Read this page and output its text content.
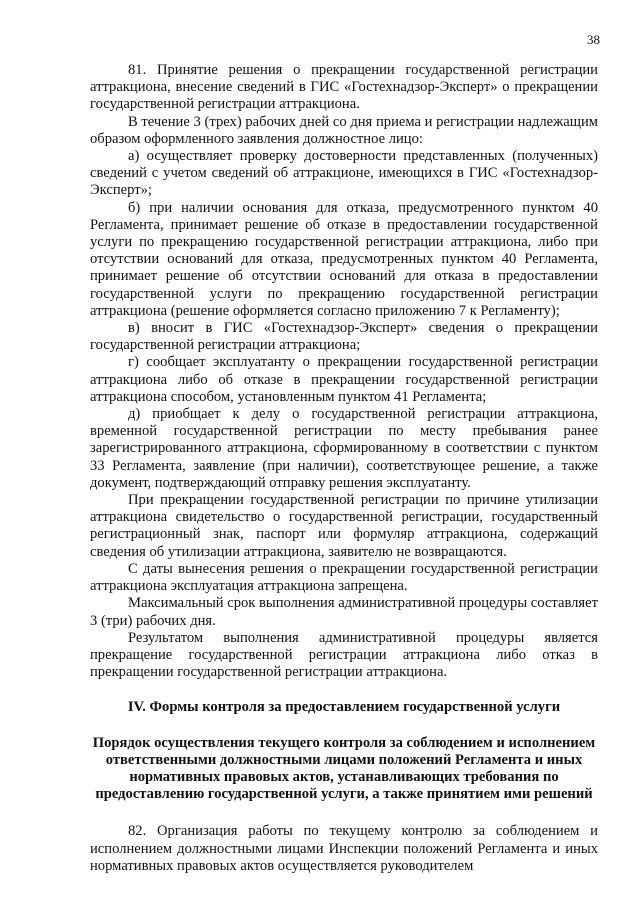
38

81. Принятие решения о прекращении государственной регистрации аттракциона, внесение сведений в ГИС «Гостехнадзор-Эксперт» о прекращении государственной регистрации аттракциона.

В течение 3 (трех) рабочих дней со дня приема и регистрации надлежащим образом оформленного заявления должностное лицо:

а) осуществляет проверку достоверности представленных (полученных) сведений с учетом сведений об аттракционе, имеющихся в ГИС «Гостехнадзор-Эксперт»;

б) при наличии основания для отказа, предусмотренного пунктом 40 Регламента, принимает решение об отказе в предоставлении государственной услуги по прекращению государственной регистрации аттракциона, либо при отсутствии оснований для отказа, предусмотренных пунктом 40 Регламента, принимает решение об отсутствии оснований для отказа в предоставлении государственной услуги по прекращению государственной регистрации аттракциона (решение оформляется согласно приложению 7 к Регламенту);

в) вносит в ГИС «Гостехнадзор-Эксперт» сведения о прекращении государственной регистрации аттракциона;

г) сообщает эксплуатанту о прекращении государственной регистрации аттракциона либо об отказе в прекращении государственной регистрации аттракциона способом, установленным пунктом 41 Регламента;

д) приобщает к делу о государственной регистрации аттракциона, временной государственной регистрации по месту пребывания ранее зарегистрированного аттракциона, сформированному в соответствии с пунктом 33 Регламента, заявление (при наличии), соответствующее решение, а также документ, подтверждающий отправку решения эксплуатанту.

При прекращении государственной регистрации по причине утилизации аттракциона свидетельство о государственной регистрации, государственный регистрационный знак, паспорт или формуляр аттракциона, содержащий сведения об утилизации аттракциона, заявителю не возвращаются.

С даты вынесения решения о прекращении государственной регистрации аттракциона эксплуатация аттракциона запрещена.

Максимальный срок выполнения административной процедуры составляет 3 (три) рабочих дня.

Результатом выполнения административной процедуры является прекращение государственной регистрации аттракциона либо отказ в прекращении государственной регистрации аттракциона.

IV. Формы контроля за предоставлением государственной услуги
Порядок осуществления текущего контроля за соблюдением и исполнением ответственными должностными лицами положений Регламента и иных нормативных правовых актов, устанавливающих требования по предоставлению государственной услуги, а также принятием ими решений

82. Организация работы по текущему контролю за соблюдением и исполнением должностными лицами Инспекции положений Регламента и иных нормативных правовых актов осуществляется руководителем
